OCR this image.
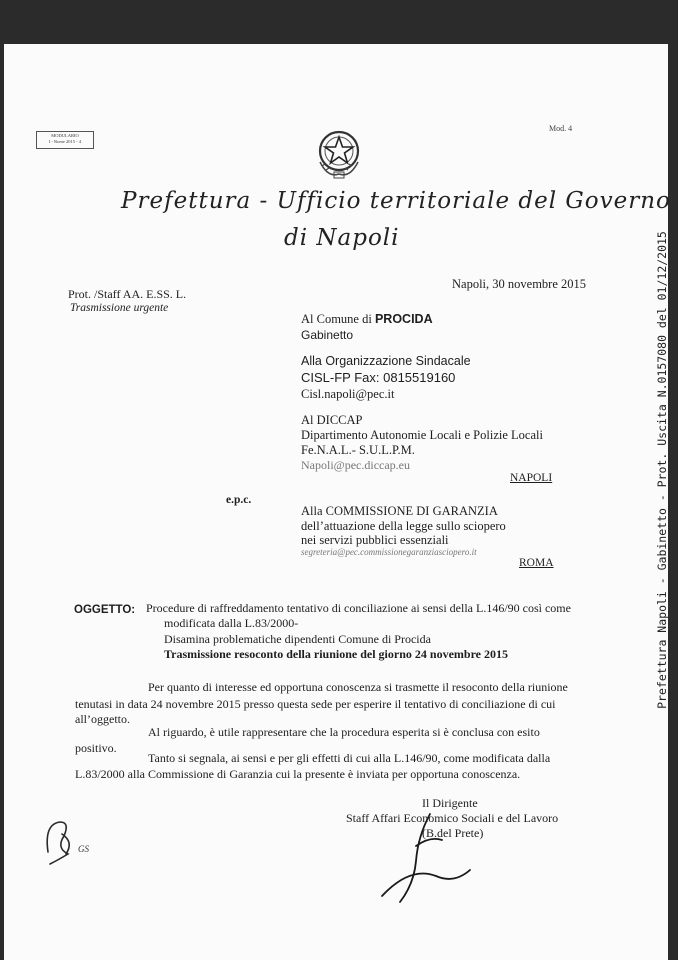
MODULARIO
I - Rome 2015 - 4
Mod. 4
Prefettura - Ufficio territoriale del Governo
di Napoli
Prot. /Staff AA. E.SS. L.
Trasmissione urgente
Napoli, 30 novembre 2015
Al Comune di PROCIDA
Gabinetto
Alla Organizzazione Sindacale
CISL-FP Fax: 0815519160
Cisl.napoli@pec.it
Al DICCAP
Dipartimento Autonomie Locali e Polizie Locali
Fe.N.A.L.- S.U.L.P.M.
Napoli@pec.diccap.eu
NAPOLI
e.p.c.
Alla COMMISSIONE DI GARANZIA
dell’attuazione della legge sullo sciopero
nei servizi pubblici essenziali
segreteria@pec.commissionegaranziasciopero.it
ROMA
OGGETTO: Procedure di raffreddamento tentativo di conciliazione ai sensi della L.146/90 così come
modificata dalla L.83/2000-
Disamina problematiche dipendenti Comune di Procida
Trasmissione resoconto della riunione del giorno 24 novembre 2015
Per quanto di interesse ed opportuna conoscenza si trasmette il resoconto della riunione
tenutasi in data 24 novembre 2015 presso questa sede per esperire il tentativo di conciliazione di cui
all’oggetto.
Al riguardo, è utile rappresentare che la procedura esperita si è conclusa con esito
positivo.
Tanto si segnala, ai sensi e per gli effetti di cui alla L.146/90, come modificata dalla
L.83/2000 alla Commissione di Garanzia cui la presente è inviata per opportuna conoscenza.
Il Dirigente
Staff Affari Economico Sociali e del Lavoro
(B.del Prete)
GS
Prefettura Napoli - Gabinetto - Prot. Uscita N.0157080 del 01/12/2015
